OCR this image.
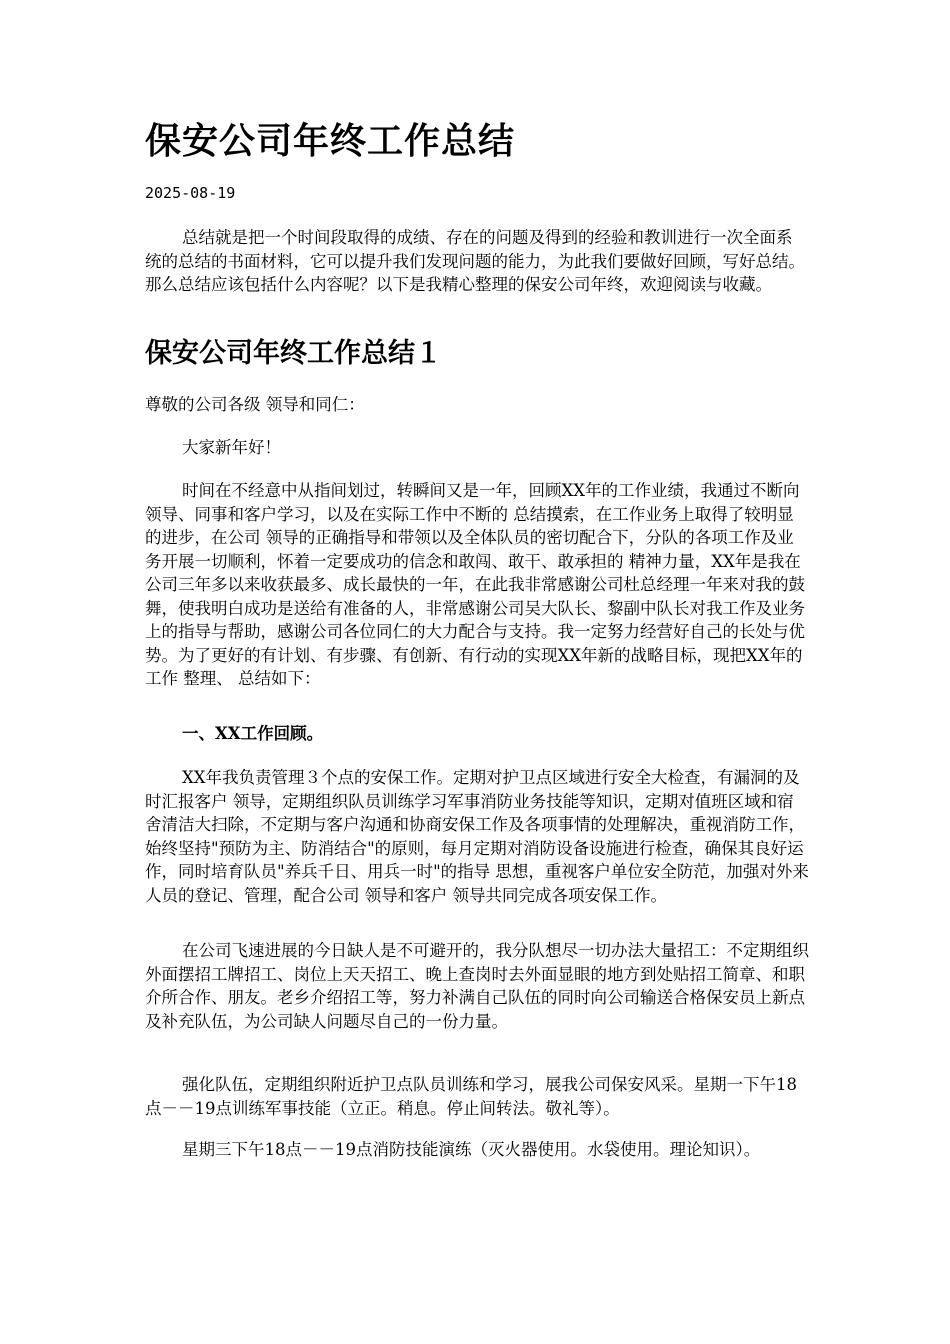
保安公司年终工作总结
2025-08-19

总结就是把一个时间段取得的成绩、存在的问题及得到的经验和教训进行一次全面系统的总结的书面材料，它可以提升我们发现问题的能力，为此我们要做好回顾，写好总结。那么总结应该包括什么内容呢？以下是我精心整理的保安公司年终，欢迎阅读与收藏。

保安公司年终工作总结１

尊敬的公司各级 领导和同仁：

大家新年好！

时间在不经意中从指间划过，转瞬间又是一年，回顾XX年的工作业绩，我通过不断向 领导、同事和客户学习，以及在实际工作中不断的 总结摸索，在工作业务上取得了较明显的进步，在公司 领导的正确指导和带领以及全体队员的密切配合下，分队的各项工作及业务开展一切顺利，怀着一定要成功的信念和敢闯、敢干、敢承担的 精神力量，XX年是我在公司三年多以来收获最多、成长最快的一年，在此我非常感谢公司杜总经理一年来对我的鼓舞，使我明白成功是送给有准备的人，非常感谢公司吴大队长、黎副中队长对我工作及业务上的指导与帮助，感谢公司各位同仁的大力配合与支持。我一定努力经营好自己的长处与优势。为了更好的有计划、有步骤、有创新、有行动的实现XX年新的战略目标，现把XX年的工作 整理、 总结如下：

一、XX工作回顾。

XX年我负责管理３个点的安保工作。定期对护卫点区域进行安全大检查，有漏洞的及时汇报客户 领导，定期组织队员训练学习军事消防业务技能等知识，定期对值班区域和宿舍清洁大扫除，不定期与客户沟通和协商安保工作及各项事情的处理解决，重视消防工作，始终坚持"预防为主、防消结合"的原则，每月定期对消防设备设施进行检查，确保其良好运作，同时培育队员"养兵千日、用兵一时"的指导 思想，重视客户单位安全防范，加强对外来人员的登记、管理，配合公司 领导和客户 领导共同完成各项安保工作。

在公司飞速进展的今日缺人是不可避开的，我分队想尽一切办法大量招工：不定期组织外面摆招工牌招工、岗位上天天招工、晚上查岗时去外面显眼的地方到处贴招工简章、和职介所合作、朋友。老乡介绍招工等，努力补满自己队伍的同时向公司输送合格保安员上新点及补充队伍，为公司缺人问题尽自己的一份力量。

强化队伍，定期组织附近护卫点队员训练和学习，展我公司保安风采。星期一下午18点－－19点训练军事技能（立正。稍息。停止间转法。敬礼等）。

星期三下午18点－－19点消防技能演练（灭火器使用。水袋使用。理论知识）。
